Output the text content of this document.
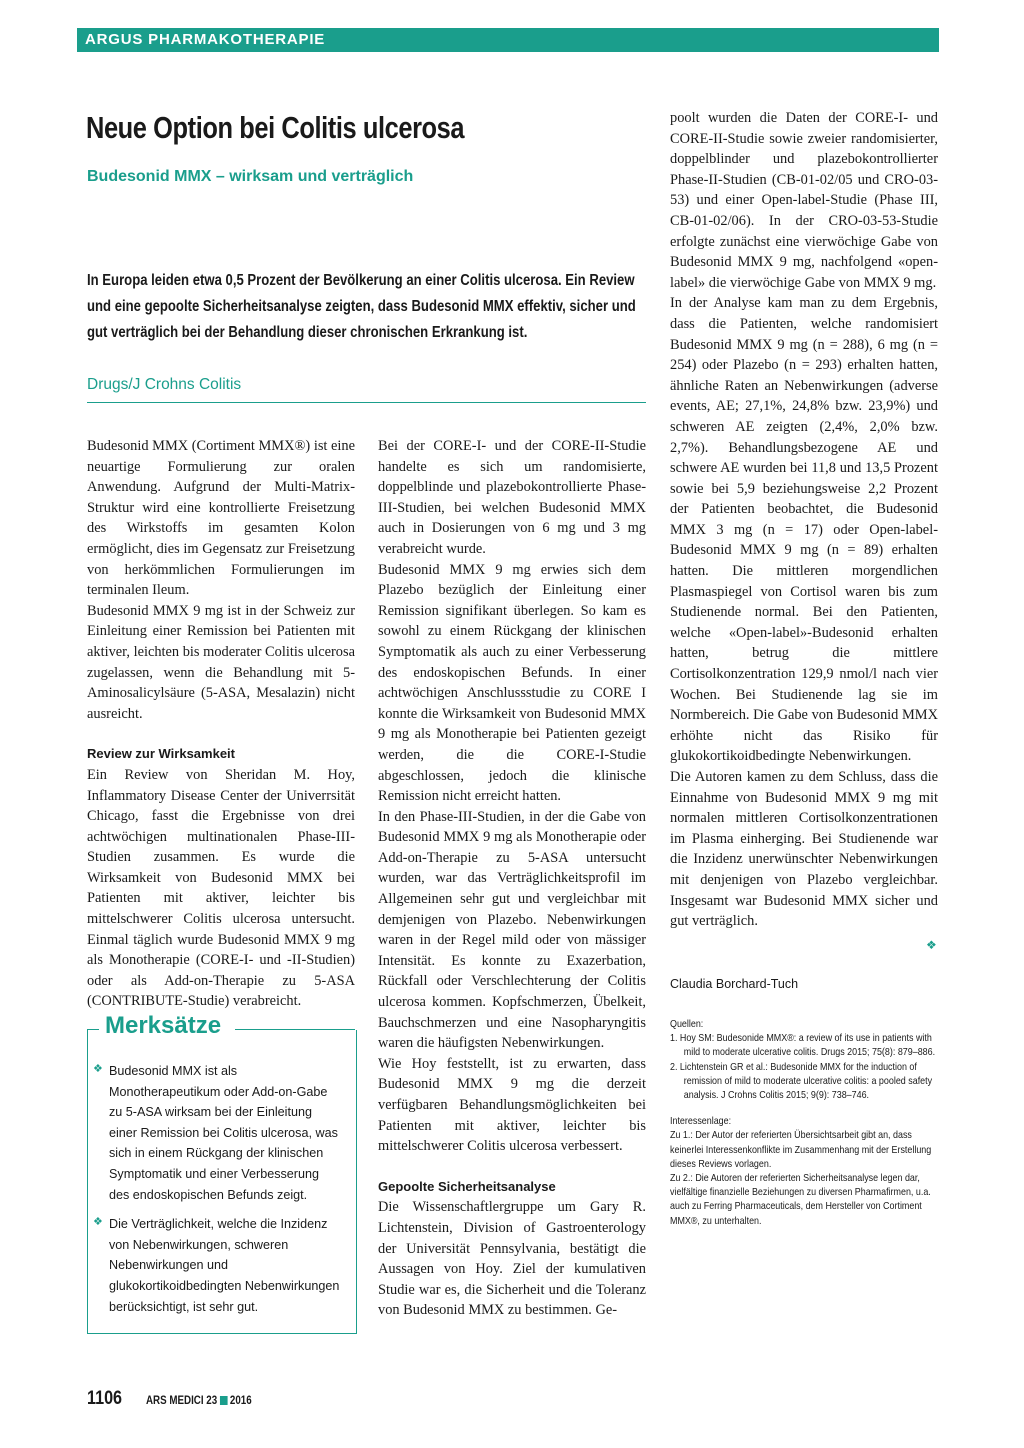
ARGUS PHARMAKOTHERAPIE
Neue Option bei Colitis ulcerosa
Budesonid MMX – wirksam und verträglich
In Europa leiden etwa 0,5 Prozent der Bevölkerung an einer Colitis ulcerosa. Ein Review und eine gepoolte Sicherheitsanalyse zeigten, dass Budesonid MMX effektiv, sicher und gut verträglich bei der Behandlung dieser chronischen Erkrankung ist.
Drugs/J Crohns Colitis

Budesonid MMX (Cortiment MMX®) ist eine neuartige Formulierung zur oralen Anwendung. Aufgrund der Multi-Matrix-Struktur wird eine kontrollierte Freisetzung des Wirkstoffs im gesamten Kolon ermöglicht, dies im Gegensatz zur Freisetzung von herkömmlichen Formulierungen im terminalen Ileum.

Budesonid MMX 9 mg ist in der Schweiz zur Einleitung einer Remission bei Patienten mit aktiver, leichten bis moderater Colitis ulcerosa zugelassen, wenn die Behandlung mit 5-Aminosalicylsäure (5-ASA, Mesalazin) nicht ausreicht.

Review zur Wirksamkeit

Ein Review von Sheridan M. Hoy, Inflammatory Disease Center der Univerrsität Chicago, fasst die Ergebnisse von drei achtwöchigen multinationalen Phase-III-Studien zusammen. Es wurde die Wirksamkeit von Budesonid MMX bei Patienten mit aktiver, leichter bis mittelschwerer Colitis ulcerosa untersucht. Einmal täglich wurde Budesonid MMX 9 mg als Monotherapie (CORE-I- und -II-Studien) oder als Add-on-Therapie zu 5-ASA (CONTRIBUTE-Studie) verabreicht.

Merksätze
❖ Budesonid MMX ist als Monotherapeutikum oder Add-on-Gabe zu 5-ASA wirksam bei der Einleitung einer Remission bei Colitis ulcerosa, was sich in einem Rückgang der klinischen Symptomatik und einer Verbesserung des endoskopischen Befunds zeigt.
❖ Die Verträglichkeit, welche die Inzidenz von Nebenwirkungen, schweren Nebenwirkungen und glukokortikoidbedingten Nebenwirkungen berücksichtigt, ist sehr gut.

Bei der CORE-I- und der CORE-II-Studie handelte es sich um randomisierte, doppelblinde und plazebokontrollierte Phase-III-Studien, bei welchen Budesonid MMX auch in Dosierungen von 6 mg und 3 mg verabreicht wurde.

Budesonid MMX 9 mg erwies sich dem Plazebo bezüglich der Einleitung einer Remission signifikant überlegen. So kam es sowohl zu einem Rückgang der klinischen Symptomatik als auch zu einer Verbesserung des endoskopischen Befunds. In einer achtwöchigen Anschlussstudie zu CORE I konnte die Wirksamkeit von Budesonid MMX 9 mg als Monotherapie bei Patienten gezeigt werden, die die CORE-I-Studie abgeschlossen, jedoch die klinische Remission nicht erreicht hatten.

In den Phase-III-Studien, in der die Gabe von Budesonid MMX 9 mg als Monotherapie oder Add-on-Therapie zu 5-ASA untersucht wurden, war das Verträglichkeitsprofil im Allgemeinen sehr gut und vergleichbar mit demjenigen von Plazebo. Nebenwirkungen waren in der Regel mild oder von mässiger Intensität. Es konnte zu Exazerbation, Rückfall oder Verschlechterung der Colitis ulcerosa kommen. Kopfschmerzen, Übelkeit, Bauchschmerzen und eine Nasopharyngitis waren die häufigsten Nebenwirkungen.

Wie Hoy feststellt, ist zu erwarten, dass Budesonid MMX 9 mg die derzeit verfügbaren Behandlungsmöglichkeiten bei Patienten mit aktiver, leichter bis mittelschwerer Colitis ulcerosa verbessert.

Gepoolte Sicherheitsanalyse

Die Wissenschaftlergruppe um Gary R. Lichtenstein, Division of Gastroenterology der Universität Pennsylvania, bestätigt die Aussagen von Hoy. Ziel der kumulativen Studie war es, die Sicherheit und die Toleranz von Budesonid MMX zu bestimmen. Ge-

poolt wurden die Daten der CORE-I- und CORE-II-Studie sowie zweier randomisierter, doppelblinder und plazebokontrollierter Phase-II-Studien (CB-01-02/05 und CRO-03-53) und einer Open-label-Studie (Phase III, CB-01-02/06). In der CRO-03-53-Studie erfolgte zunächst eine vierwöchige Gabe von Budesonid MMX 9 mg, nachfolgend «open-label» die vierwöchige Gabe von MMX 9 mg.

In der Analyse kam man zu dem Ergebnis, dass die Patienten, welche randomisiert Budesonid MMX 9 mg (n = 288), 6 mg (n = 254) oder Plazebo (n = 293) erhalten hatten, ähnliche Raten an Nebenwirkungen (adverse events, AE; 27,1%, 24,8% bzw. 23,9%) und schweren AE zeigten (2,4%, 2,0% bzw. 2,7%). Behandlungsbezogene AE und schwere AE wurden bei 11,8 und 13,5 Prozent sowie bei 5,9 beziehungsweise 2,2 Prozent der Patienten beobachtet, die Budesonid MMX 3 mg (n = 17) oder Open-label-Budesonid MMX 9 mg (n = 89) erhalten hatten. Die mittleren morgendlichen Plasmaspiegel von Cortisol waren bis zum Studienende normal. Bei den Patienten, welche «Open-label»-Budesonid erhalten hatten, betrug die mittlere Cortisolkonzentration 129,9 nmol/l nach vier Wochen. Bei Studienende lag sie im Normbereich. Die Gabe von Budesonid MMX erhöhte nicht das Risiko für glukokortikoidbedingte Nebenwirkungen.

Die Autoren kamen zu dem Schluss, dass die Einnahme von Budesonid MMX 9 mg mit normalen mittleren Cortisolkonzentrationen im Plasma einherging. Bei Studienende war die Inzidenz unerwünschter Nebenwirkungen mit denjenigen von Plazebo vergleichbar. Insgesamt war Budesonid MMX sicher und gut verträglich.

❖
Claudia Borchard-Tuch

Quellen:

1. Hoy SM: Budesonide MMX®: a review of its use in patients with mild to moderate ulcerative colitis. Drugs 2015; 75(8): 879–886.

2. Lichtenstein GR et al.: Budesonide MMX for the induction of remission of mild to moderate ulcerative colitis: a pooled safety analysis. J Crohns Colitis 2015; 9(9): 738–746.

Interessenlage:

Zu 1.: Der Autor der referierten Übersichtsarbeit gibt an, dass keinerlei Interessenkonflikte im Zusammenhang mit der Erstellung dieses Reviews vorlagen.

Zu 2.: Die Autoren der referierten Sicherheitsanalyse legen dar, vielfältige finanzielle Beziehungen zu diversen Pharmafirmen, u.a. auch zu Ferring Pharmaceuticals, dem Hersteller von Cortiment MMX®, zu unterhalten.

1106 ARS MEDICI 23 2016
